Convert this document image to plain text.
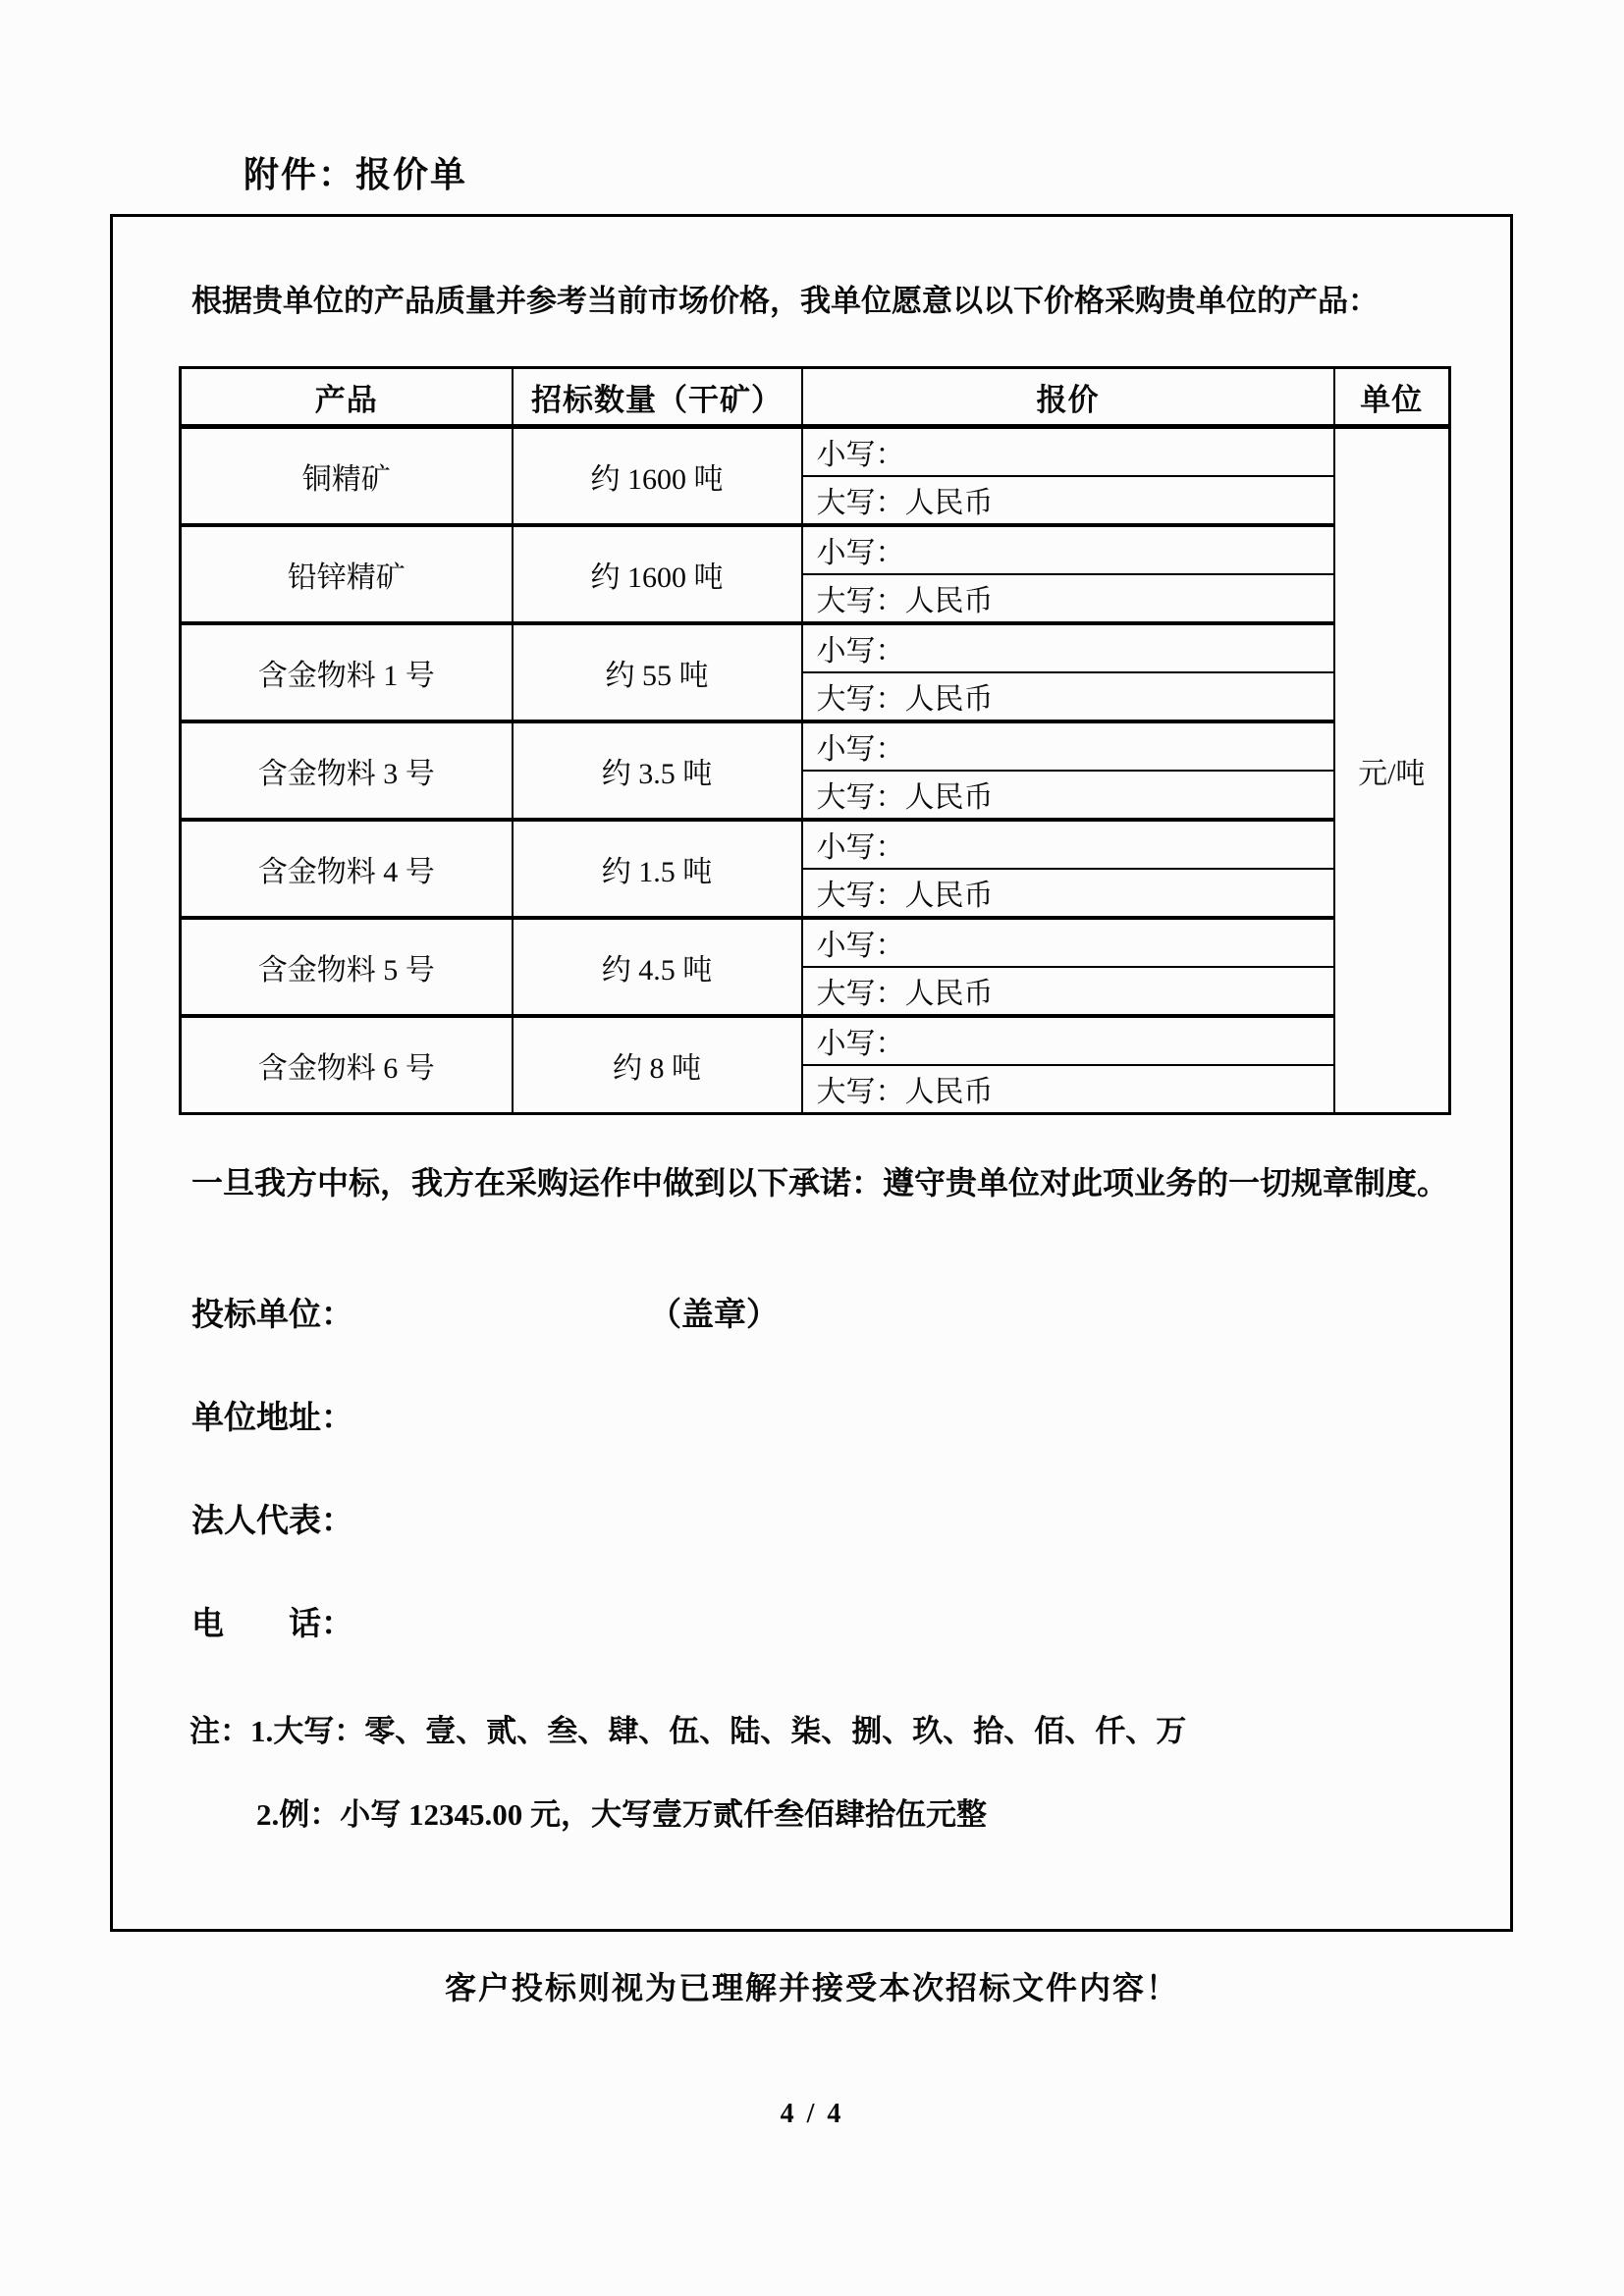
附件：报价单
根据贵单位的产品质量并参考当前市场价格，我单位愿意以以下价格采购贵单位的产品：
产品	招标数量（干矿）	报价	单位
铜精矿	约 1600 吨	小写：	元/吨
		大写：人民币	
铅锌精矿	约 1600 吨	小写：	
		大写：人民币	
含金物料 1 号	约 55 吨	小写：	
		大写：人民币	
含金物料 3 号	约 3.5 吨	小写：	
		大写：人民币	
含金物料 4 号	约 1.5 吨	小写：	
		大写：人民币	
含金物料 5 号	约 4.5 吨	小写：	
		大写：人民币	
含金物料 6 号	约 8 吨	小写：	
		大写：人民币	
一旦我方中标，我方在采购运作中做到以下承诺：遵守贵单位对此项业务的一切规章制度。
投标单位：	（盖章）
单位地址：
法人代表：
电　　话：
注：1.大写：零、壹、贰、叁、肆、伍、陆、柒、捌、玖、拾、佰、仟、万
2.例：小写 12345.00 元，大写壹万贰仟叁佰肆拾伍元整
客户投标则视为已理解并接受本次招标文件内容！
4 / 4
